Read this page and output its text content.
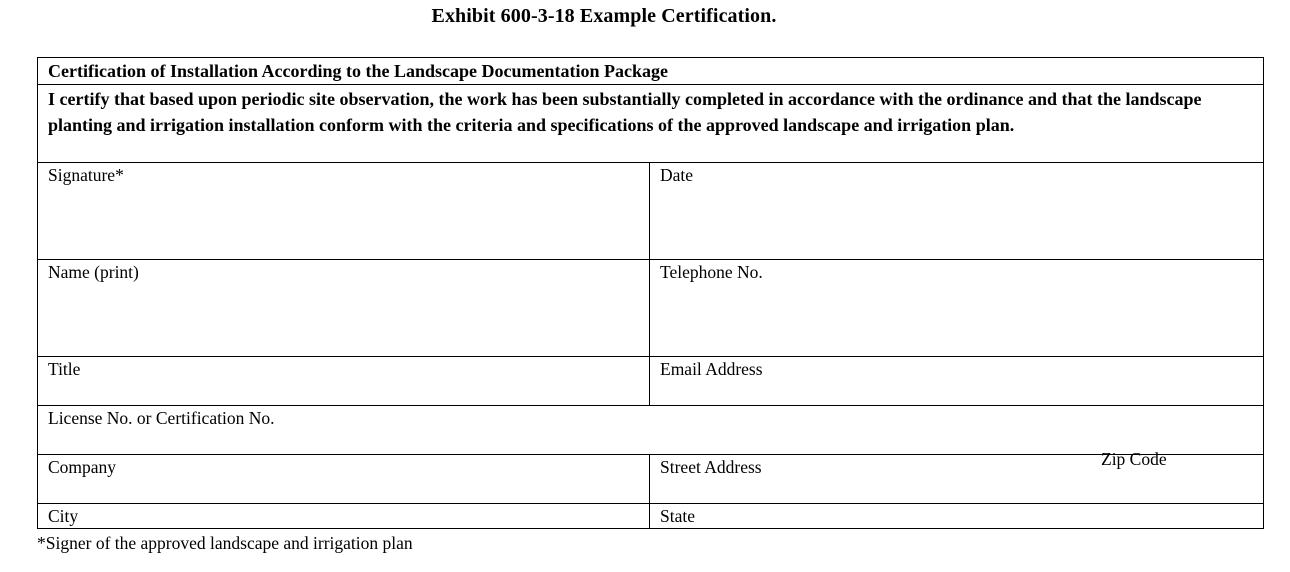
Exhibit 600-3-18 Example Certification.
Certification of Installation According to the Landscape Documentation Package	
I certify that based upon periodic site observation, the work has been substantially completed in accordance with the ordinance and that the landscape planting and irrigation installation conform with the criteria and specifications of the approved landscape and irrigation plan.	
Signature*	Date
Name (print)	Telephone No.
Title	Email Address
License No. or Certification No.	
Company	Street Address
City	State
Zip Code
*Signer of the approved landscape and irrigation plan
